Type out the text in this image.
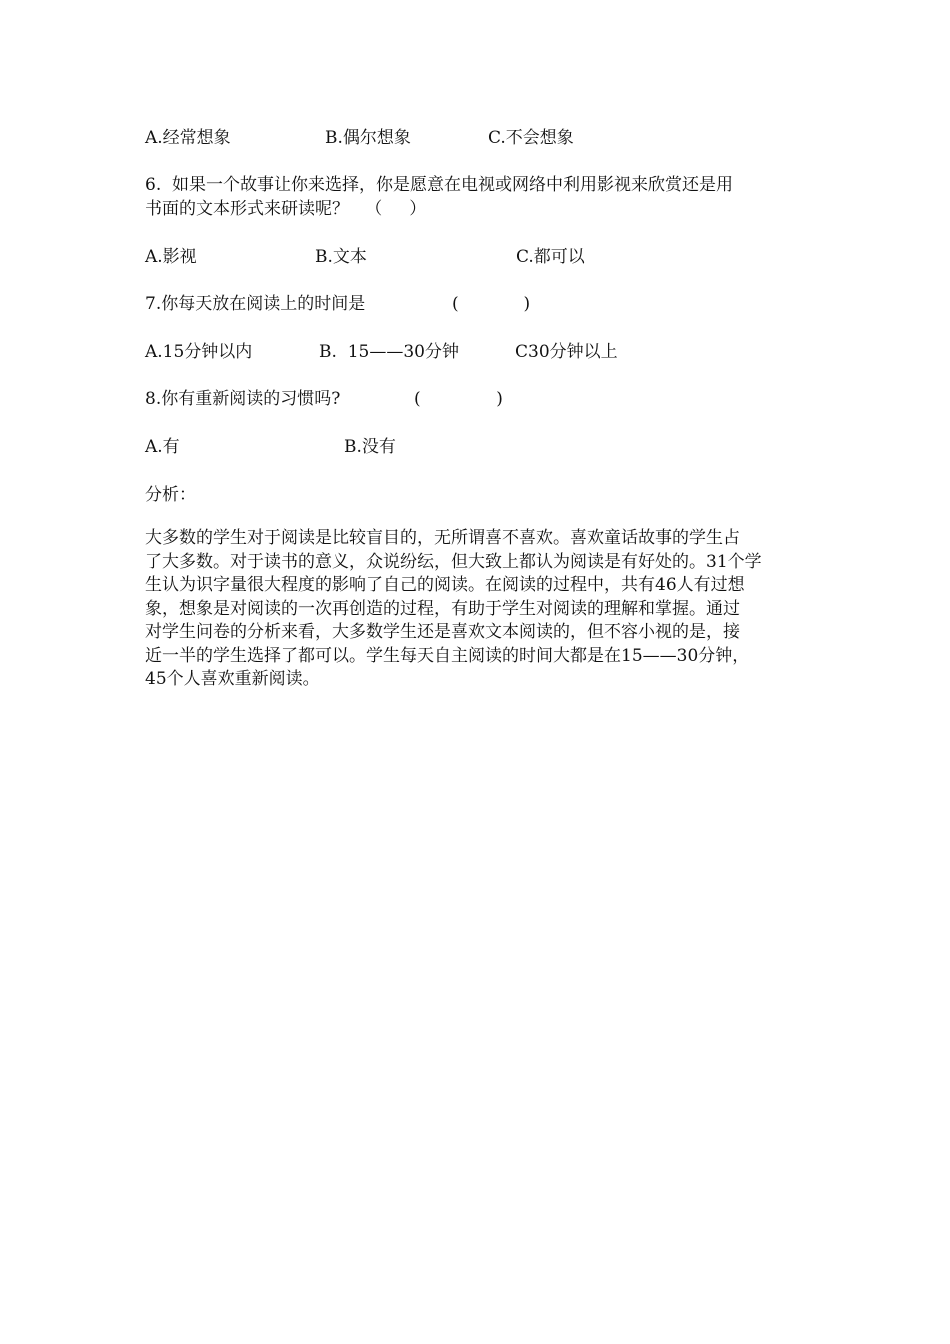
A.经常想象	B.偶尔想象	C.不会想象
6.  如果一个故事让你来选择，你是愿意在电视或网络中利用影视来欣赏还是用
书面的文本形式来研读呢？   （     ）
A.影视	B.文本	C.都可以
7.你每天放在阅读上的时间是	(            )
A.15分钟以内	B.  15——30分钟	C30分钟以上
8.你有重新阅读的习惯吗?	(              )
A.有	B.没有
分析：
大多数的学生对于阅读是比较盲目的，无所谓喜不喜欢。喜欢童话故事的学生占
了大多数。对于读书的意义，众说纷纭，但大致上都认为阅读是有好处的。31个学
生认为识字量很大程度的影响了自己的阅读。在阅读的过程中，共有46人有过想
象，想象是对阅读的一次再创造的过程，有助于学生对阅读的理解和掌握。通过
对学生问卷的分析来看，大多数学生还是喜欢文本阅读的，但不容小视的是，接
近一半的学生选择了都可以。学生每天自主阅读的时间大都是在15——30分钟，
45个人喜欢重新阅读。
